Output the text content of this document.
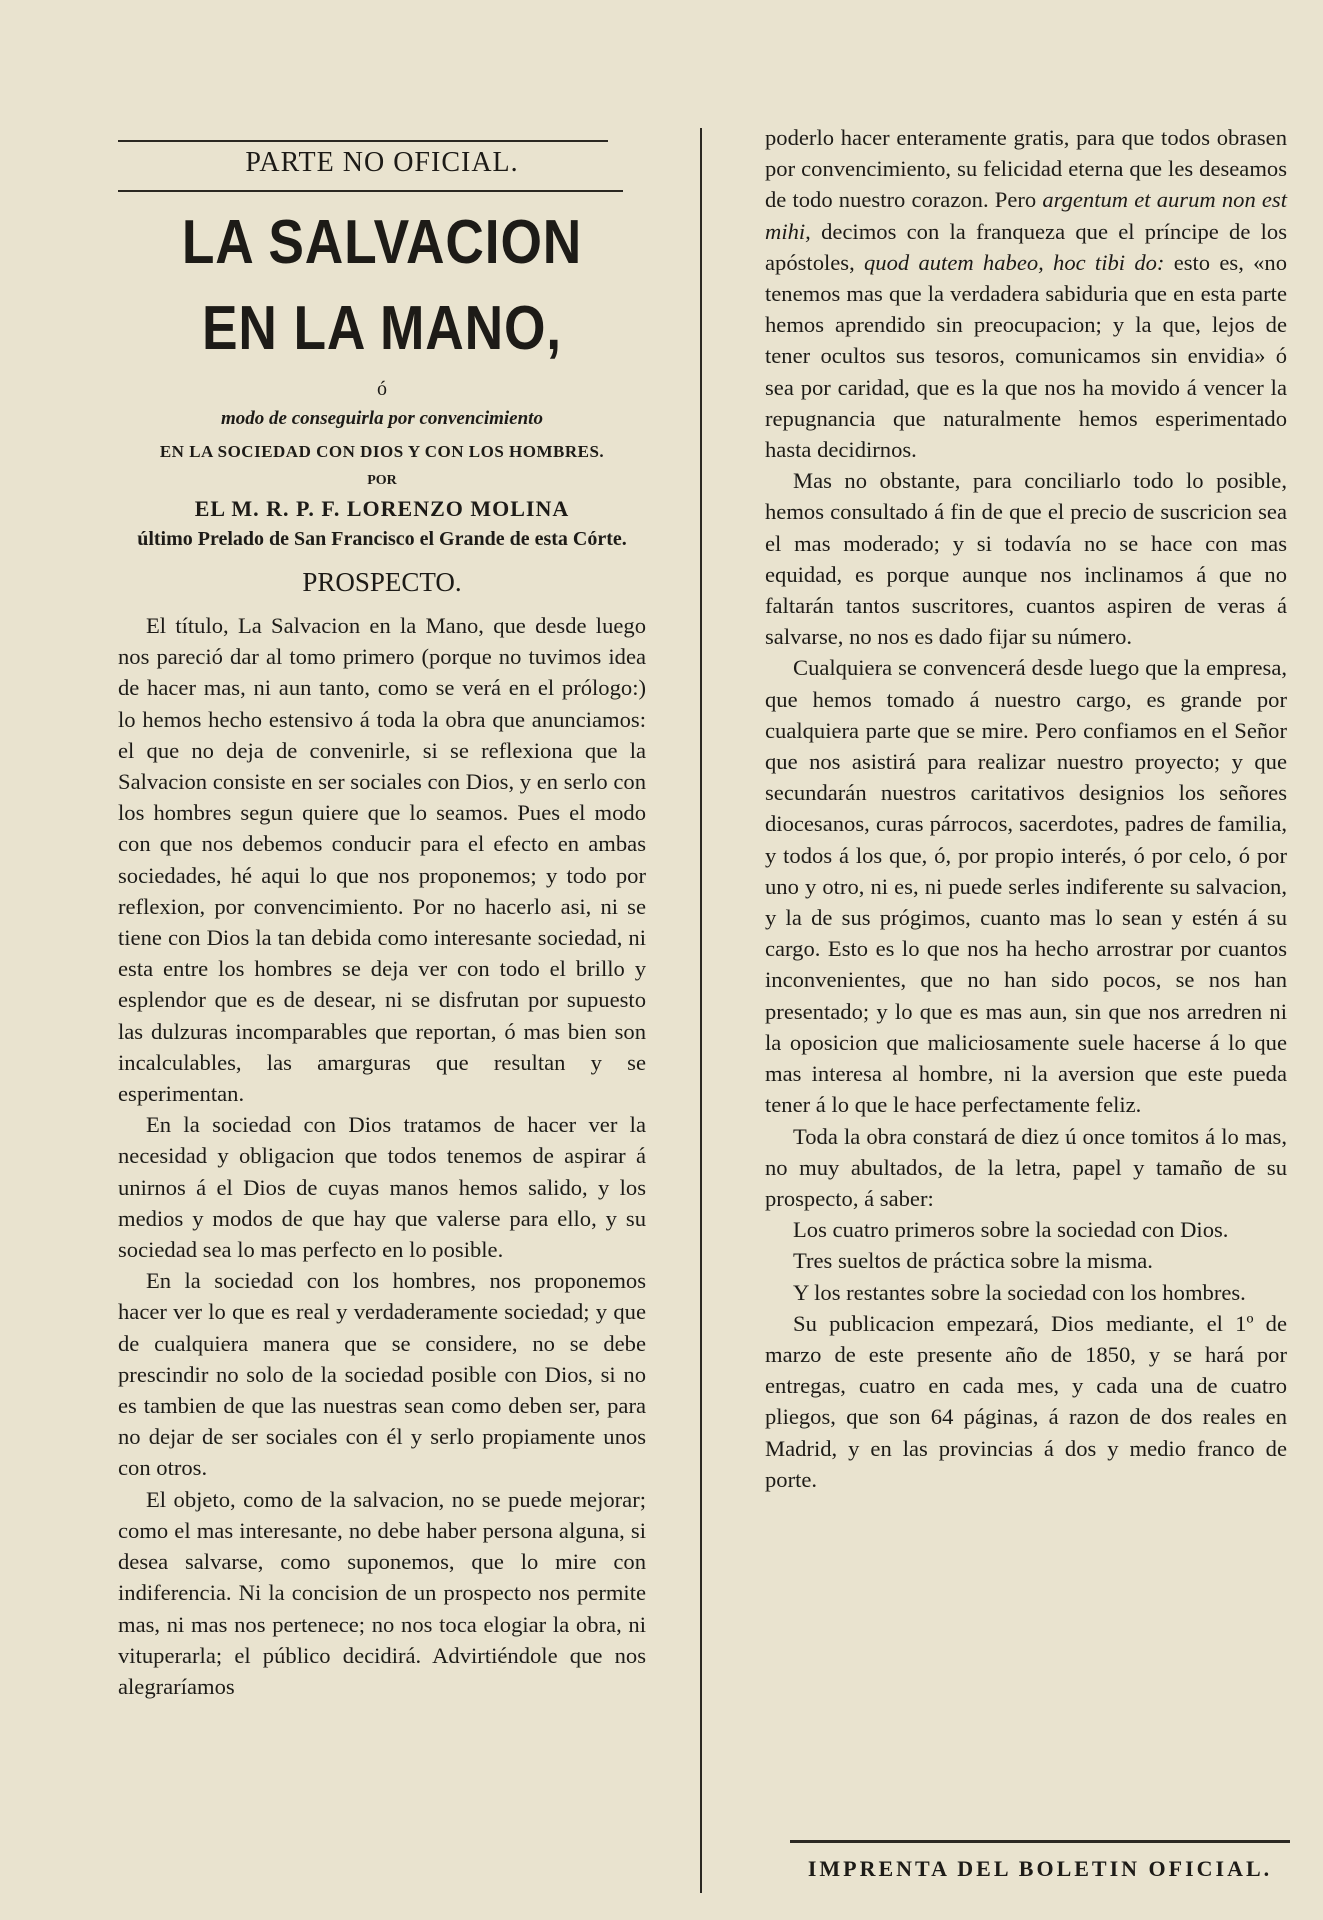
PARTE NO OFICIAL.
LA SALVACION EN LA MANO,
ó
modo de conseguirla por convencimiento
EN LA SOCIEDAD CON DIOS Y CON LOS HOMBRES.
POR
EL M. R. P. F. LORENZO MOLINA
último Prelado de San Francisco el Grande de esta Córte.
PROSPECTO.

El título, La Salvacion en la Mano, que desde luego nos pareció dar al tomo primero (porque no tuvimos idea de hacer mas, ni aun tanto, como se verá en el prólogo:) lo hemos hecho estensivo á toda la obra que anunciamos: el que no deja de convenirle, si se reflexiona que la Salvacion consiste en ser sociales con Dios, y en serlo con los hombres segun quiere que lo seamos. Pues el modo con que nos debemos conducir para el efecto en ambas sociedades, hé aqui lo que nos proponemos; y todo por reflexion, por convencimiento. Por no hacerlo asi, ni se tiene con Dios la tan debida como interesante sociedad, ni esta entre los hombres se deja ver con todo el brillo y esplendor que es de desear, ni se disfrutan por supuesto las dulzuras incomparables que reportan, ó mas bien son incalculables, las amarguras que resultan y se esperimentan.

En la sociedad con Dios tratamos de hacer ver la necesidad y obligacion que todos tenemos de aspirar á unirnos á el Dios de cuyas manos hemos salido, y los medios y modos de que hay que valerse para ello, y su sociedad sea lo mas perfecto en lo posible.

En la sociedad con los hombres, nos proponemos hacer ver lo que es real y verdaderamente sociedad; y que de cualquiera manera que se considere, no se debe prescindir no solo de la sociedad posible con Dios, si no es tambien de que las nuestras sean como deben ser, para no dejar de ser sociales con él y serlo propiamente unos con otros.

El objeto, como de la salvacion, no se puede mejorar; como el mas interesante, no debe haber persona alguna, si desea salvarse, como suponemos, que lo mire con indiferencia. Ni la concision de un prospecto nos permite mas, ni mas nos pertenece; no nos toca elogiar la obra, ni vituperarla; el público decidirá. Advirtiéndole que nos alegraríamos

poderlo hacer enteramente gratis, para que todos obrasen por convencimiento, su felicidad eterna que les deseamos de todo nuestro corazon. Pero argentum et aurum non est mihi, decimos con la franqueza que el príncipe de los apóstoles, quod autem habeo, hoc tibi do: esto es, «no tenemos mas que la verdadera sabiduria que en esta parte hemos aprendido sin preocupacion; y la que, lejos de tener ocultos sus tesoros, comunicamos sin envidia» ó sea por caridad, que es la que nos ha movido á vencer la repugnancia que naturalmente hemos esperimentado hasta decidirnos.

Mas no obstante, para conciliarlo todo lo posible, hemos consultado á fin de que el precio de suscricion sea el mas moderado; y si todavía no se hace con mas equidad, es porque aunque nos inclinamos á que no faltarán tantos suscritores, cuantos aspiren de veras á salvarse, no nos es dado fijar su número.

Cualquiera se convencerá desde luego que la empresa, que hemos tomado á nuestro cargo, es grande por cualquiera parte que se mire. Pero confiamos en el Señor que nos asistirá para realizar nuestro proyecto; y que secundarán nuestros caritativos designios los señores diocesanos, curas párrocos, sacerdotes, padres de familia, y todos á los que, ó, por propio interés, ó por celo, ó por uno y otro, ni es, ni puede serles indiferente su salvacion, y la de sus prógimos, cuanto mas lo sean y estén á su cargo. Esto es lo que nos ha hecho arrostrar por cuantos inconvenientes, que no han sido pocos, se nos han presentado; y lo que es mas aun, sin que nos arredren ni la oposicion que maliciosamente suele hacerse á lo que mas interesa al hombre, ni la aversion que este pueda tener á lo que le hace perfectamente feliz.

Toda la obra constará de diez ú once tomitos á lo mas, no muy abultados, de la letra, papel y tamaño de su prospecto, á saber:

Los cuatro primeros sobre la sociedad con Dios.

Tres sueltos de práctica sobre la misma.

Y los restantes sobre la sociedad con los hombres.

Su publicacion empezará, Dios mediante, el 1º de marzo de este presente año de 1850, y se hará por entregas, cuatro en cada mes, y cada una de cuatro pliegos, que son 64 páginas, á razon de dos reales en Madrid, y en las provincias á dos y medio franco de porte.

IMPRENTA DEL BOLETIN OFICIAL.
